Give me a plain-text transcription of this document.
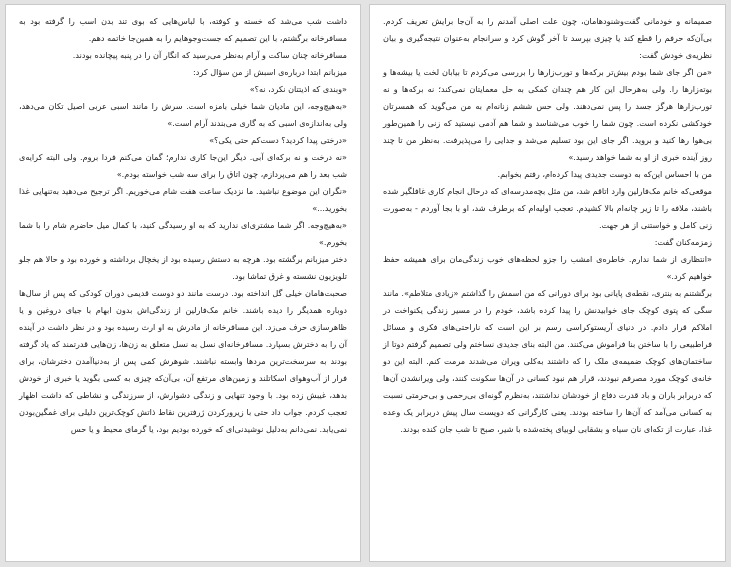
صمیمانه و خودمانی گفت‌وشنودهامان، چون علت اصلی آمدنم را به آن‌جا برایش تعریف کردم. بی‌آن‌که حرفم را قطع کند یا چیزی بپرسد تا آخر گوش کرد و سرانجام به‌عنوان نتیجه‌گیری و بیان نظریه‌ی خودش گفت:

«من اگر جای شما بودم بیش‌تر برکه‌ها و تورب‌زارها را بررسی می‌کردم تا بیابان لخت یا بیشه‌ها و بوته‌زارها را. ولی به‌هرحال این کار هم چندان کمکی به حل معمایتان نمی‌کند؛ نه برکه‌ها و نه تورب‌زارها هرگز جسد را پس نمی‌دهند. ولی حس ششم زنانه‌ام به من می‌گوید که همسرتان خودکشی نکرده است. چون شما را خوب می‌شناسد و شما هم آدمی نیستید که زنی را همین‌طور بی‌هوا رها کنید و بروید. اگر جای این بود تسلیم می‌شد و جدایی را می‌پذیرفت. به‌نظر من تا چند روز آینده خبری از او به شما خواهد رسید.»

من با احساس این‌که به دوست جدیدی پیدا کرده‌ام، رفتم بخوابم.

موقعی‌که خانم مک‌فارلین وارد اتاقم شد، من مثل بچه‌مدرسه‌ای که درحال انجام کاری غافلگیر شده باشند، ملافه را تا زیر چانه‌ام بالا کشیدم. تعجب اولیه‌ام که برطرف شد، او با بجا آوردم - به‌صورت زنی کامل و خواستنی از هر جهت.

زمزمه‌کنان گفت:

«انتظاری از شما ندارم. خاطره‌ی امشب را جزو لحظه‌های خوب زندگی‌مان برای همیشه حفظ خواهیم کرد.»

برگشتنم به بنتری، نقطه‌ی پایانی بود برای دورانی که من اسمش را گذاشتم «زیادی متلاطم». مانند سگی که پتوی کوچک جای خوابیدنش را پیدا کرده باشد، خودم را در مسیر زندگی یکنواخت در املاکم قرار دادم. در دنیای آریستوکراسی رسم بر این است که ناراحتی‌های فکری و مسائل فراطبیعی را با ساختن بنا فراموش می‌کنند. من البته بنای جدیدی نساختم ولی تصمیم گرفتم دوتا از ساختمان‌های کوچک ضمیمه‌ی ملک را که داشتند به‌کلی ویران می‌شدند مرمت کنم. البته این دو خانه‌ی کوچک مورد مصرفم نبودند، قرار هم نبود کسانی در آن‌ها سکونت کنند، ولی ویرانشدن آن‌ها که دربرابر باران و باد قدرت دفاع از خودشان نداشتند، به‌نظرم گونه‌ای بی‌رحمی و بی‌حرمتی نسبت به کسانی می‌آمد که آن‌ها را ساخته بودند. یعنی کارگرانی که دویست سال پیش دربرابر یک وعده غذا، عبارت از تکه‌ای نان سیاه و بشقابی لوبیای پخته‌شده با شیر، صبح تا شب جان کنده بودند.

داشت شب می‌شد که خسته و کوفته، با لباس‌هایی که بوی تند بدن اسب را گرفته بود به مسافرخانه برگشتم، با این تصمیم که جست‌وجوهایم را به همین‌جا خاتمه دهم.

مسافرخانه چنان ساکت و آرام به‌نظر می‌رسید که انگار آن را در پنبه پیچانده بودند.

میزبانم ابتدا درباره‌ی اسبش از من سؤال کرد:

«وبندی که اذیتتان نکرد، نه؟»

«به‌هیچ‌وجه، این مادیان شما خیلی بامزه است. سرش را مانند اسبی عربی اصیل تکان می‌دهد، ولی به‌اندازه‌ی اسبی که به گاری می‌بندند آرام است.»

«درختی پیدا کردید؟ دست‌کم حتی یکی؟»

«نه درخت و نه برکه‌ای آبی. دیگر این‌جا کاری ندارم؛ گمان می‌کنم فردا بروم. ولی البته کرایه‌ی شب بعد را هم می‌پردازم، چون اتاق را برای سه شب خواسته بودم.»

«نگران این موضوع نباشید. ما نزدیک ساعت هفت شام می‌خوریم. اگر ترجیح می‌دهید به‌تنهایی غذا بخورید...»

«به‌هیچ‌وجه. اگر شما مشتری‌ای ندارید که به او رسیدگی کنید، با کمال میل حاضرم شام را با شما بخورم.»

دختر میزبانم برگشته بود. هرچه به دستش رسیده بود از یخچال برداشته و خورده بود و حالا هم جلو تلویزیون نشسته و غرق تماشا بود.

صحبت‌هامان خیلی گل انداخته بود. درست مانند دو دوست قدیمی دوران کودکی که پس از سال‌ها دوباره همدیگر را دیده باشند. خانم مک‌فارلین از زندگی‌اش بدون ابهام با جیای دروغین و یا ظاهرسازی حرف می‌زد. این مسافرخانه از مادرش به او ارث رسیده بود و در نظر داشت در آینده آن را به دخترش بسپارد. مسافرخانه‌ای نسل به نسل متعلق به زن‌ها، زن‌هایی قدرتمند که یاد گرفته بودند به سرسخت‌ترین مردها وابسته نباشند. شوهرش کمی پس از به‌دنیاآمدن دخترشان، برای فرار از آب‌وهوای اسکاتلند و زمین‌های مرتفع آن، بی‌آن‌که چیزی به کسی بگوید یا خبری از خودش بدهد، غیبش زده بود. با وجود تنهایی و زندگی دشوارش، از سرزندگی و نشاطی که داشت اظهار تعجب کردم. جواب داد حتی با زیرورکردن ژرفترین نقاط ذاتش کوچک‌ترین دلیلی برای غمگین‌بودن نمی‌یابد. نمی‌دانم به‌دلیل نوشیدنی‌ای که خورده بودیم بود، یا گرمای محیط و یا حس
